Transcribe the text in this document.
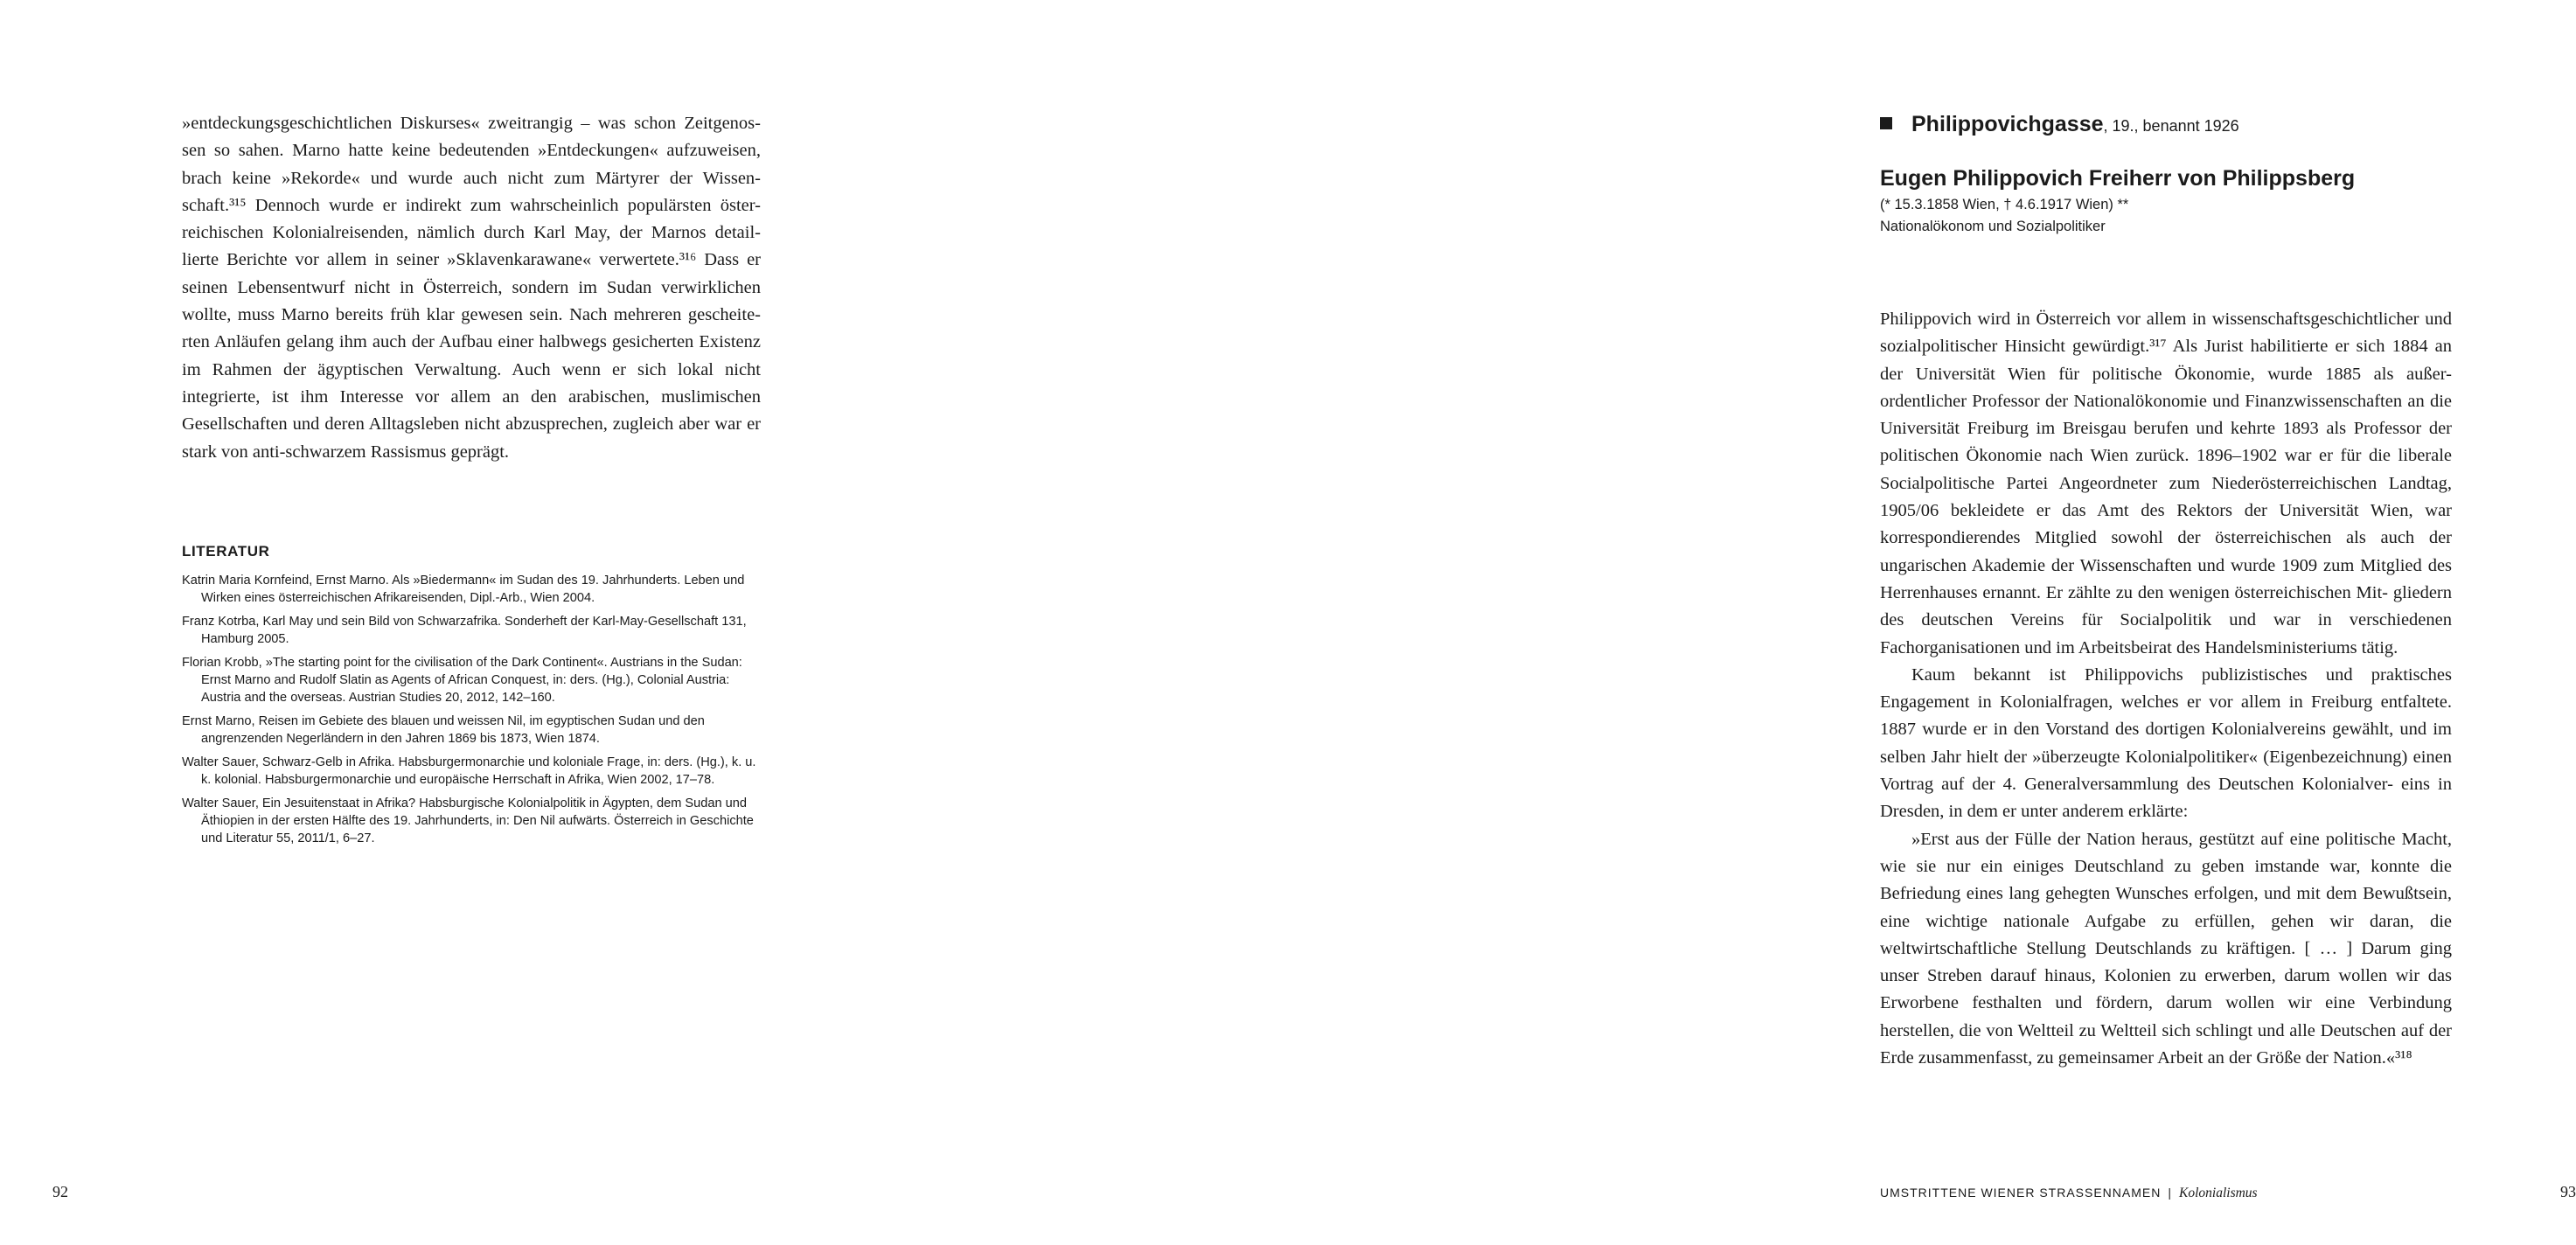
»entdeckungsgeschichtlichen Diskurses« zweitrangig – was schon Zeitgenos- sen so sahen. Marno hatte keine bedeutenden »Entdeckungen« aufzuweisen, brach keine »Rekorde« und wurde auch nicht zum Märtyrer der Wissen- schaft.³¹⁵ Dennoch wurde er indirekt zum wahrscheinlich populärsten öster- reichischen Kolonialreisenden, nämlich durch Karl May, der Marnos detail- lierte Berichte vor allem in seiner »Sklavenkarawane« verwertete.³¹⁶ Dass er seinen Lebensentwurf nicht in Österreich, sondern im Sudan verwirklichen wollte, muss Marno bereits früh klar gewesen sein. Nach mehreren gescheite- rten Anläufen gelang ihm auch der Aufbau einer halbwegs gesicherten Existenz im Rahmen der ägyptischen Verwaltung. Auch wenn er sich lokal nicht integrierte, ist ihm Interesse vor allem an den arabischen, muslimischen Gesellschaften und deren Alltagsleben nicht abzusprechen, zugleich aber war er stark von anti-schwarzem Rassismus geprägt.

LITERATUR
Katrin Maria Kornfeind, Ernst Marno. Als »Biedermann« im Sudan des 19. Jahrhunderts. Leben und Wirken eines österreichischen Afrikareisenden, Dipl.-Arb., Wien 2004.
Franz Kotrba, Karl May und sein Bild von Schwarzafrika. Sonderheft der Karl-May-Gesellschaft 131, Hamburg 2005.
Florian Krobb, »The starting point for the civilisation of the Dark Continent«. Austrians in the Sudan: Ernst Marno and Rudolf Slatin as Agents of African Conquest, in: ders. (Hg.), Colonial Austria: Austria and the overseas. Austrian Studies 20, 2012, 142–160.
Ernst Marno, Reisen im Gebiete des blauen und weissen Nil, im egyptischen Sudan und den angrenzenden Negerländern in den Jahren 1869 bis 1873, Wien 1874.
Walter Sauer, Schwarz-Gelb in Afrika. Habsburgermonarchie und koloniale Frage, in: ders. (Hg.), k. u. k. kolonial. Habsburgermonarchie und europäische Herrschaft in Afrika, Wien 2002, 17–78.
Walter Sauer, Ein Jesuitenstaat in Afrika? Habsburgische Kolonialpolitik in Ägypten, dem Sudan und Äthiopien in der ersten Hälfte des 19. Jahrhunderts, in: Den Nil aufwärts. Österreich in Geschichte und Literatur 55, 2011/1, 6–27.
92
Philippovichgasse, 19., benannt 1926
Eugen Philippovich Freiherr von Philippsberg

(* 15.3.1858 Wien, † 4.6.1917 Wien) **

Nationalökonom und Sozialpolitiker

Philippovich wird in Österreich vor allem in wissenschaftsgeschichtlicher und sozialpolitischer Hinsicht gewürdigt.³¹⁷ Als Jurist habilitierte er sich 1884 an der Universität Wien für politische Ökonomie, wurde 1885 als außer- ordentlicher Professor der Nationalökonomie und Finanzwissenschaften an die Universität Freiburg im Breisgau berufen und kehrte 1893 als Professor der politischen Ökonomie nach Wien zurück. 1896–1902 war er für die liberale Socialpolitische Partei Angeordneter zum Niederösterreichischen Landtag, 1905/06 bekleidete er das Amt des Rektors der Universität Wien, war korrespondierendes Mitglied sowohl der österreichischen als auch der ungarischen Akademie der Wissenschaften und wurde 1909 zum Mitglied des Herrenhauses ernannt. Er zählte zu den wenigen österreichischen Mit- gliedern des deutschen Vereins für Socialpolitik und war in verschiedenen Fachorganisationen und im Arbeitsbeirat des Handelsministeriums tätig.

Kaum bekannt ist Philippovichs publizistisches und praktisches Engagement in Kolonialfragen, welches er vor allem in Freiburg entfaltete. 1887 wurde er in den Vorstand des dortigen Kolonialvereins gewählt, und im selben Jahr hielt der »überzeugte Kolonialpolitiker« (Eigenbezeichnung) einen Vortrag auf der 4. Generalversammlung des Deutschen Kolonialver- eins in Dresden, in dem er unter anderem erklärte:

»Erst aus der Fülle der Nation heraus, gestützt auf eine politische Macht, wie sie nur ein einiges Deutschland zu geben imstande war, konnte die Befriedung eines lang gehegten Wunsches erfolgen, und mit dem Bewußtsein, eine wichtige nationale Aufgabe zu erfüllen, gehen wir daran, die weltwirtschaftliche Stellung Deutschlands zu kräftigen. [ … ] Darum ging unser Streben darauf hinaus, Kolonien zu erwerben, darum wollen wir das Erworbene festhalten und fördern, darum wollen wir eine Verbindung herstellen, die von Weltteil zu Weltteil sich schlingt und alle Deutschen auf der Erde zusammenfasst, zu gemeinsamer Arbeit an der Größe der Nation.«³¹⁸

UMSTRITTENE WIENER STRASSENNAMEN | Kolonialismus	93
